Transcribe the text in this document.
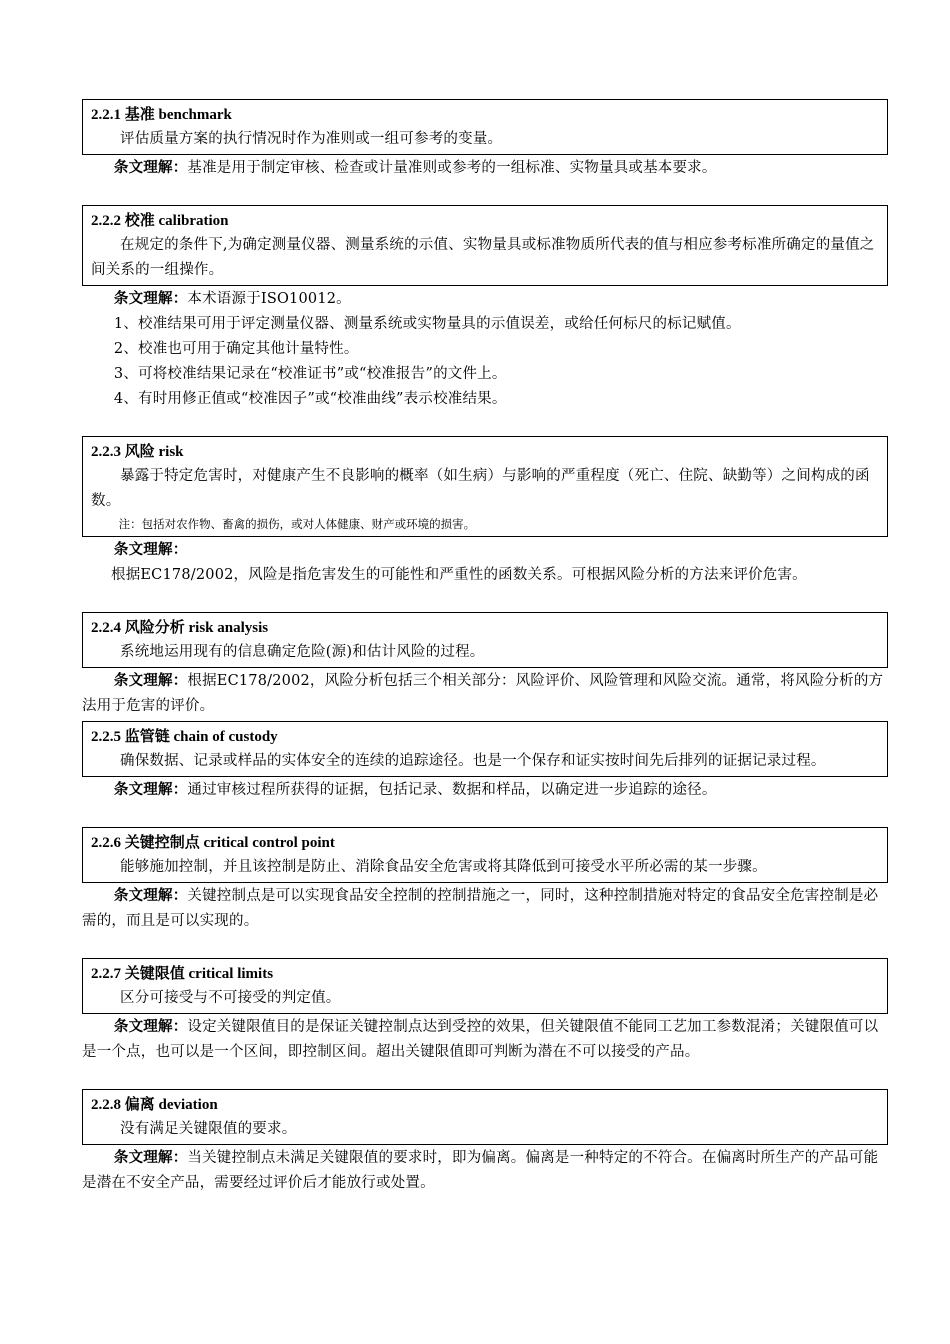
2.2.1 基准 benchmark
评估质量方案的执行情况时作为准则或一组可参考的变量。
条文理解：基准是用于制定审核、检查或计量准则或参考的一组标准、实物量具或基本要求。
2.2.2 校准 calibration
在规定的条件下,为确定测量仪器、测量系统的示值、实物量具或标准物质所代表的值与相应参考标准所确定的量值之间关系的一组操作。
条文理解：本术语源于ISO10012。
1、校准结果可用于评定测量仪器、测量系统或实物量具的示值误差，或给任何标尺的标记赋值。
2、校准也可用于确定其他计量特性。
3、可将校准结果记录在“校准证书”或“校准报告”的文件上。
4、有时用修正值或“校准因子”或“校准曲线”表示校准结果。
2.2.3 风险 risk
暴露于特定危害时，对健康产生不良影响的概率（如生病）与影响的严重程度（死亡、住院、缺勤等）之间构成的函数。
注：包括对农作物、畜禽的损伤，或对人体健康、财产或环境的损害。
条文理解：
根据EC178/2002，风险是指危害发生的可能性和严重性的函数关系。可根据风险分析的方法来评价危害。
2.2.4 风险分析 risk analysis
系统地运用现有的信息确定危险(源)和估计风险的过程。
条文理解：根据EC178/2002，风险分析包括三个相关部分：风险评价、风险管理和风险交流。通常，将风险分析的方法用于危害的评价。
2.2.5 监管链 chain of custody
确保数据、记录或样品的实体安全的连续的追踪途径。也是一个保存和证实按时间先后排列的证据记录过程。
条文理解：通过审核过程所获得的证据，包括记录、数据和样品，以确定进一步追踪的途径。
2.2.6 关键控制点 critical control point
能够施加控制，并且该控制是防止、消除食品安全危害或将其降低到可接受水平所必需的某一步骤。
条文理解：关键控制点是可以实现食品安全控制的控制措施之一，同时，这种控制措施对特定的食品安全危害控制是必需的，而且是可以实现的。
2.2.7 关键限值 critical limits
区分可接受与不可接受的判定值。
条文理解：设定关键限值目的是保证关键控制点达到受控的效果，但关键限值不能同工艺加工参数混淆；关键限值可以是一个点，也可以是一个区间，即控制区间。超出关键限值即可判断为潜在不可以接受的产品。
2.2.8 偏离 deviation
没有满足关键限值的要求。
条文理解：当关键控制点未满足关键限值的要求时，即为偏离。偏离是一种特定的不符合。在偏离时所生产的产品可能是潜在不安全产品，需要经过评价后才能放行或处置。
